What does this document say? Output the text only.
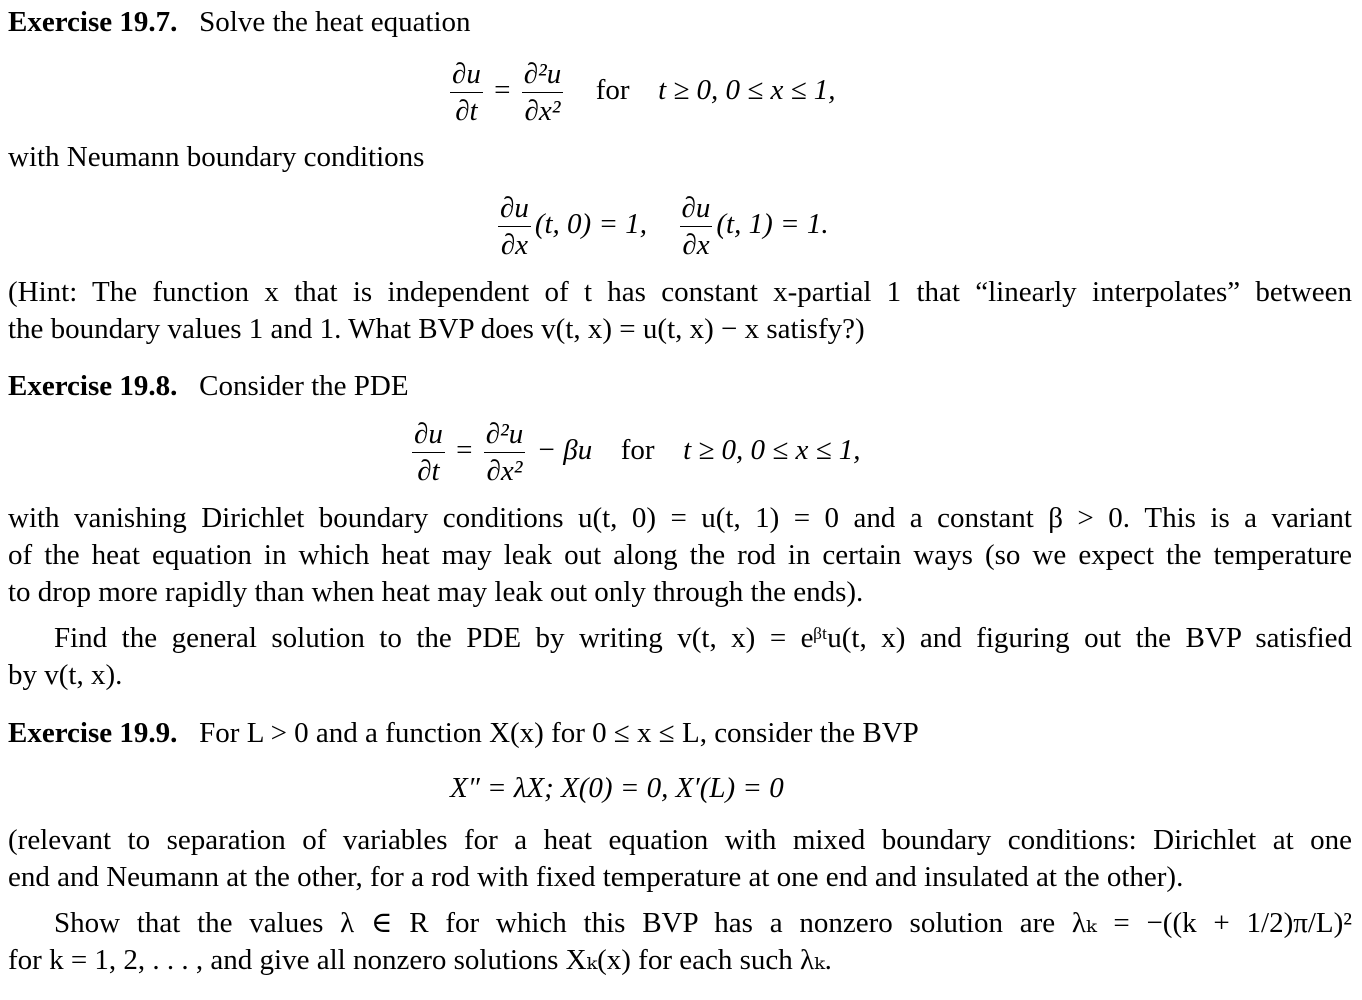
Exercise 19.7. Solve the heat equation
$\frac{\partial u}{\partial t} = \frac{\text{∂²u}}{\text{∂x²}}$ for t ≥ 0, 0 ≤ x ≤ 1,
with Neumann boundary conditions
$\frac{\partial u}{\partial x} (t$, 0) = 1, $\frac{\partial u}{\partial x} (t$, 1) = 1.
(Hint: The function x that is independent of t has constant x-partial 1 that “linearly interpolates” between
the boundary values 1 and 1. What BVP does v(t, x) = u(t, x) − x satisfy?)
Exercise 19.8. Consider the PDE
$\frac{\partial u}{\partial t} = \frac{\text{∂²u}}{\text{∂x²}} - \beta u$ for t ≥ 0, 0 ≤ x ≤ 1,
with vanishing Dirichlet boundary conditions u(t, 0) = u(t, 1) = 0 and a constant β > 0. This is a variant
of the heat equation in which heat may leak out along the rod in certain ways (so we expect the temperature
to drop more rapidly than when heat may leak out only through the ends).
Find the general solution to the PDE by writing v(t, x) = eᵝᵗu(t, x) and figuring out the BVP satisfied
by v(t, x).
Exercise 19.9. For L > 0 and a function X(x) for 0 ≤ x ≤ L, consider the BVP
X″ = λX; X(0) = 0, X′(L) = 0
(relevant to separation of variables for a heat equation with mixed boundary conditions: Dirichlet at one
end and Neumann at the other, for a rod with fixed temperature at one end and insulated at the other).
Show that the values λ ∈ R for which this BVP has a nonzero solution are λₖ = −((k + 1/2)π/L)²
for k = 1, 2, . . . , and give all nonzero solutions Xₖ(x) for each such λₖ.
